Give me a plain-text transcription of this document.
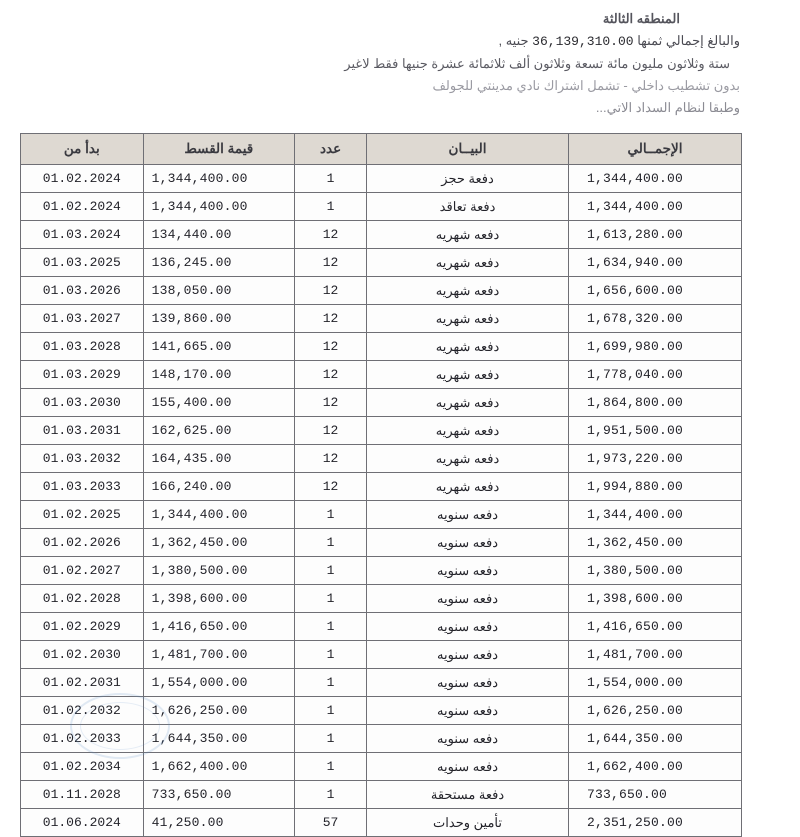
المنطقه الثالثة
والبالغ إجمالي ثمنها 36,139,310.00 جنيه ,
ستة وثلاثون مليون مائة تسعة وثلاثون ألف ثلاثمائة عشرة جنيها فقط لاغير
بدون تشطيب داخلي - تشمل اشتراك نادي مدينتي للجولف
وطبقا لنظام السداد الاتي...
الإجمــالي	البيــان	عدد	قيمة القسط	بدأ من
1,344,400.00	دفعة حجز	1	1,344,400.00	01.02.2024
1,344,400.00	دفعة تعاقد	1	1,344,400.00	01.02.2024
1,613,280.00	دفعه شهريه	12	134,440.00	01.03.2024
1,634,940.00	دفعه شهريه	12	136,245.00	01.03.2025
1,656,600.00	دفعه شهريه	12	138,050.00	01.03.2026
1,678,320.00	دفعه شهريه	12	139,860.00	01.03.2027
1,699,980.00	دفعه شهريه	12	141,665.00	01.03.2028
1,778,040.00	دفعه شهريه	12	148,170.00	01.03.2029
1,864,800.00	دفعه شهريه	12	155,400.00	01.03.2030
1,951,500.00	دفعه شهريه	12	162,625.00	01.03.2031
1,973,220.00	دفعه شهريه	12	164,435.00	01.03.2032
1,994,880.00	دفعه شهريه	12	166,240.00	01.03.2033
1,344,400.00	دفعه سنويه	1	1,344,400.00	01.02.2025
1,362,450.00	دفعه سنويه	1	1,362,450.00	01.02.2026
1,380,500.00	دفعه سنويه	1	1,380,500.00	01.02.2027
1,398,600.00	دفعه سنويه	1	1,398,600.00	01.02.2028
1,416,650.00	دفعه سنويه	1	1,416,650.00	01.02.2029
1,481,700.00	دفعه سنويه	1	1,481,700.00	01.02.2030
1,554,000.00	دفعه سنويه	1	1,554,000.00	01.02.2031
1,626,250.00	دفعه سنويه	1	1,626,250.00	01.02.2032
1,644,350.00	دفعه سنويه	1	1,644,350.00	01.02.2033
1,662,400.00	دفعه سنويه	1	1,662,400.00	01.02.2034
733,650.00	دفعة مستحقة	1	733,650.00	01.11.2028
2,351,250.00	تأمين وحدات	57	41,250.00	01.06.2024
